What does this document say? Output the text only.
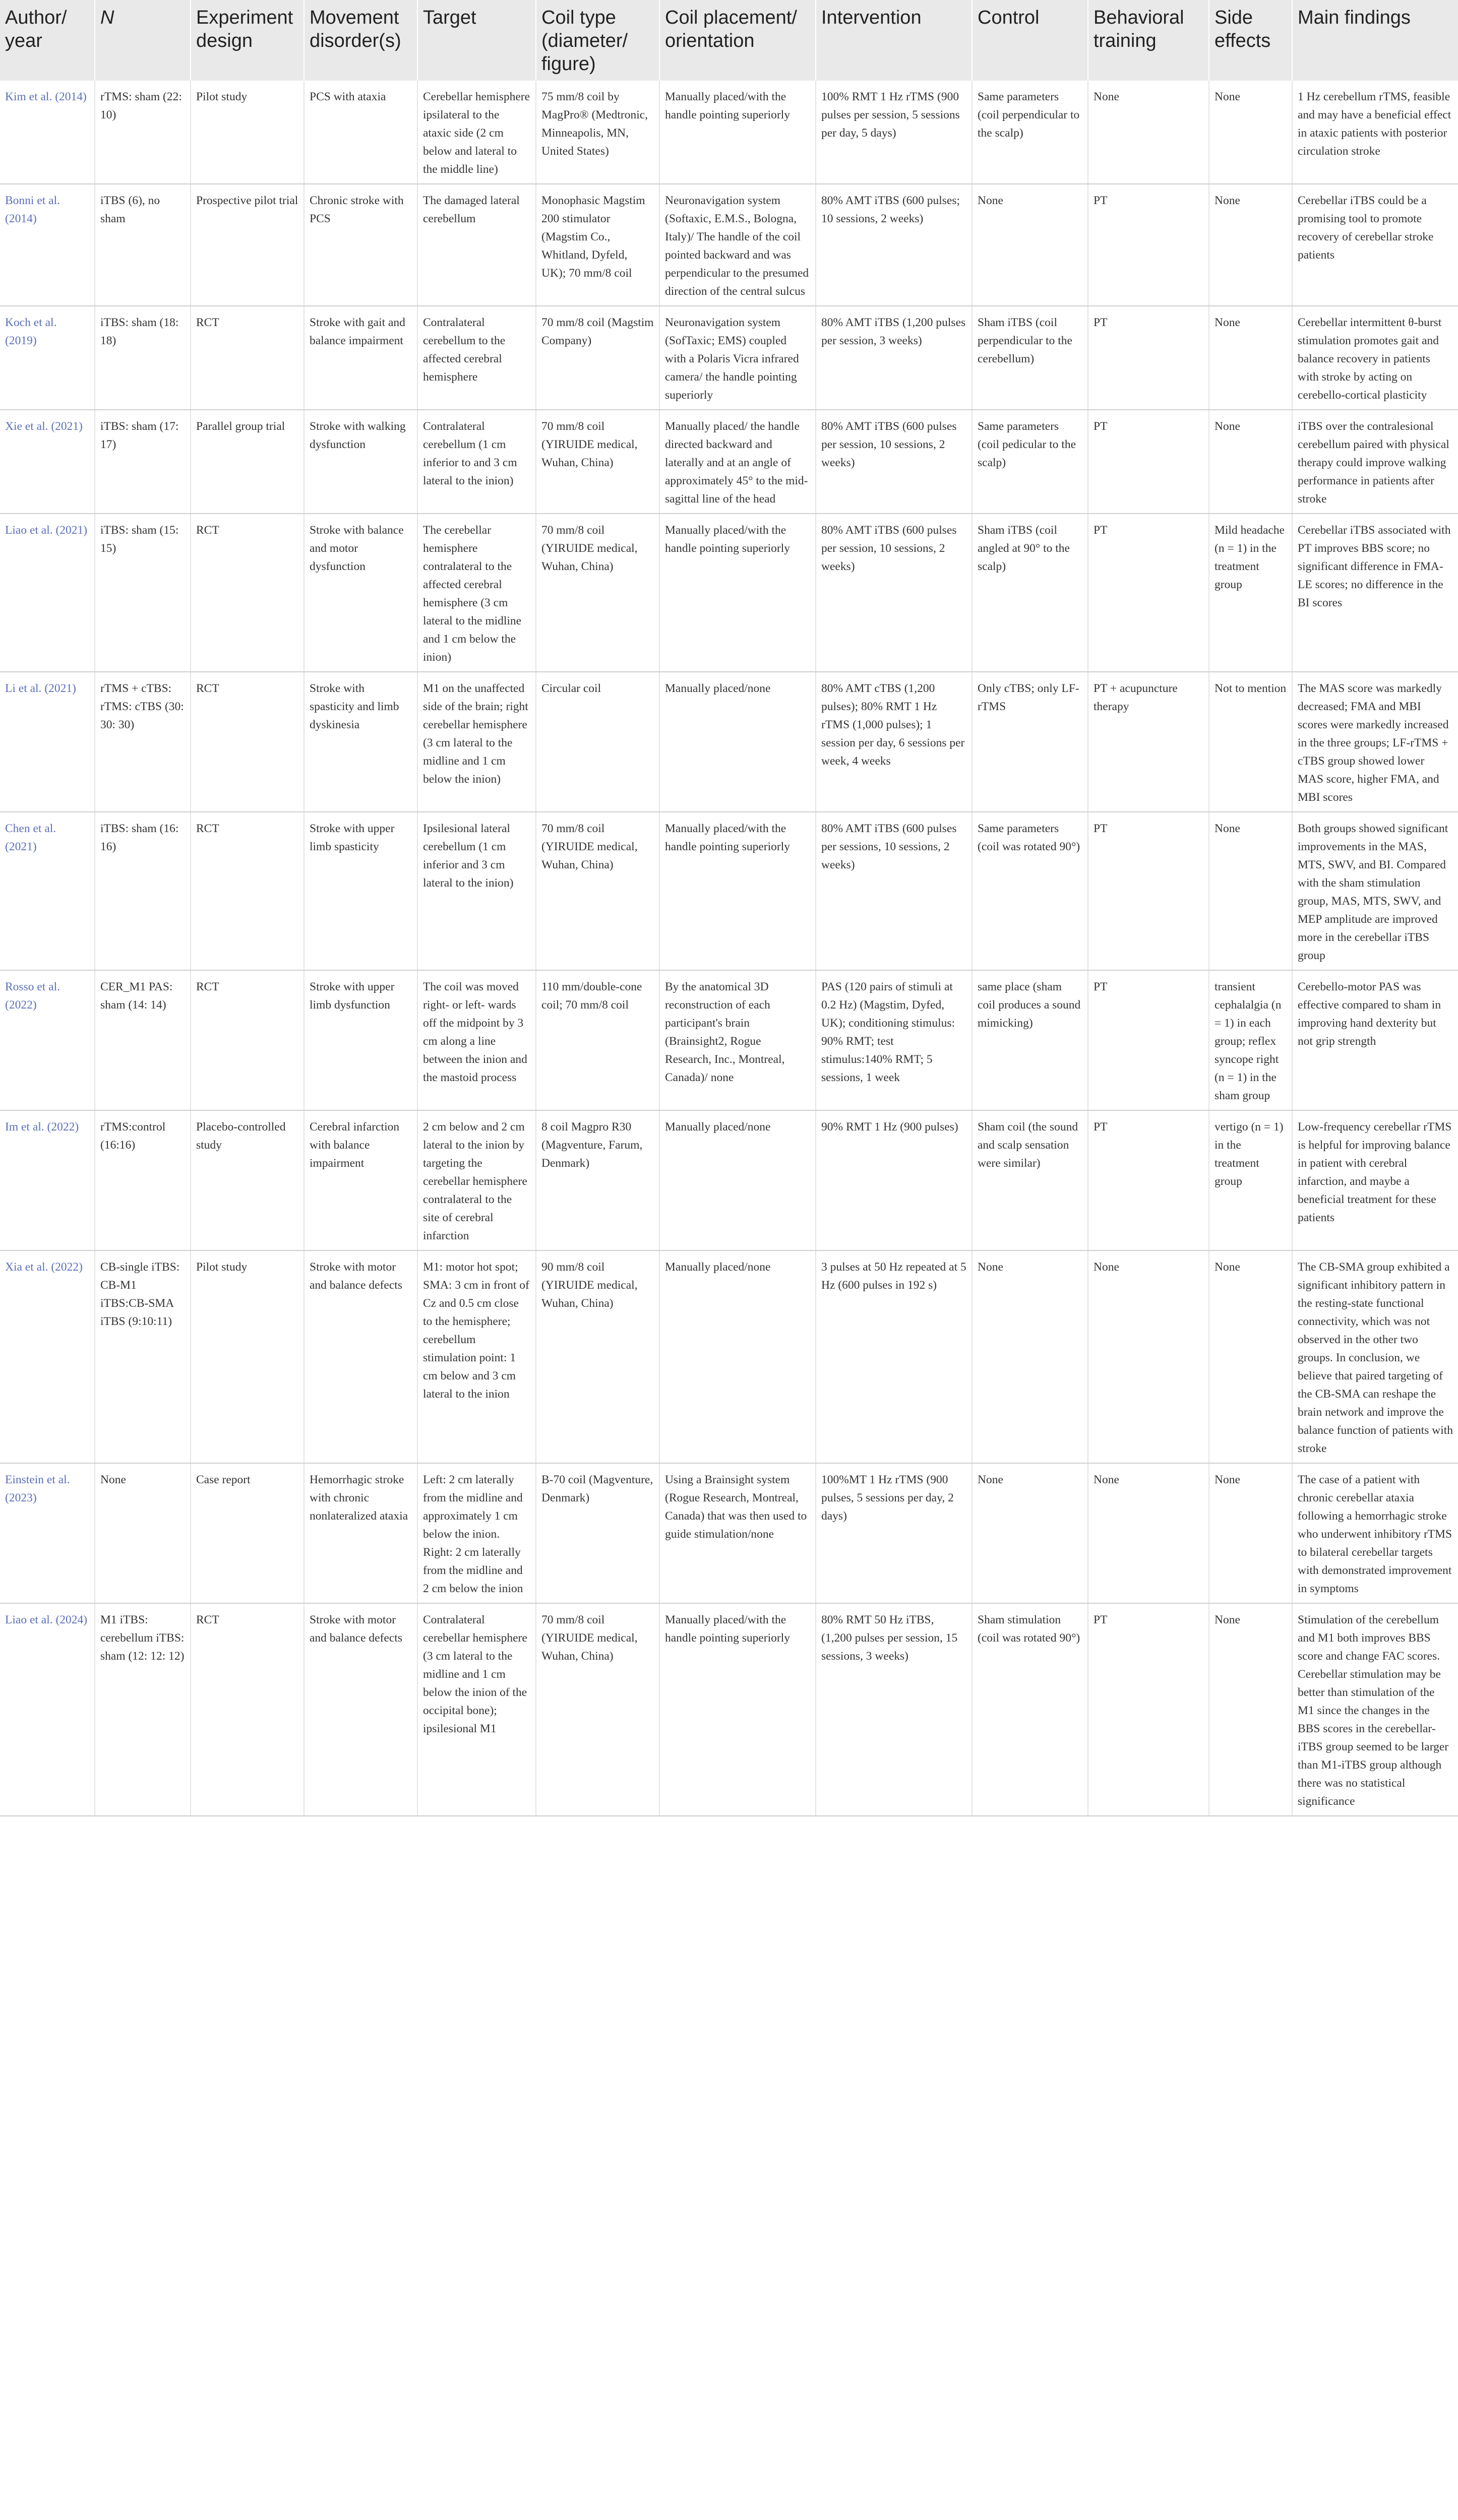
Author/ year	N	Experiment design	Movement disorder(s)	Target	Coil type (diameter/ figure)	Coil placement/ orientation	Intervention	Control	Behavioral training	Side effects	Main findings
Kim et al. (2014)	rTMS: sham (22: 10)	Pilot study	PCS with ataxia	Cerebellar hemisphere ipsilateral to the ataxic side (2 cm below and lateral to the middle line)	75 mm/8 coil by MagPro® (Medtronic, Minneapolis, MN, United States)	Manually placed/with the handle pointing superiorly	100% RMT 1 Hz rTMS (900 pulses per session, 5 sessions per day, 5 days)	Same parameters (coil perpendicular to the scalp)	None	None	1 Hz cerebellum rTMS, feasible and may have a beneficial effect in ataxic patients with posterior circulation stroke
Bonni et al. (2014)	iTBS (6), no sham	Prospective pilot trial	Chronic stroke with PCS	The damaged lateral cerebellum	Monophasic Magstim 200 stimulator (Magstim Co., Whitland, Dyfeld, UK); 70 mm/8 coil	Neuronavigation system (Softaxic, E.M.S., Bologna, Italy)/ The handle of the coil pointed backward and was perpendicular to the presumed direction of the central sulcus	80% AMT iTBS (600 pulses; 10 sessions, 2 weeks)	None	PT	None	Cerebellar iTBS could be a promising tool to promote recovery of cerebellar stroke patients
Koch et al. (2019)	iTBS: sham (18: 18)	RCT	Stroke with gait and balance impairment	Contralateral cerebellum to the affected cerebral hemisphere	70 mm/8 coil (Magstim Company)	Neuronavigation system (SofTaxic; EMS) coupled with a Polaris Vicra infrared camera/ the handle pointing superiorly	80% AMT iTBS (1,200 pulses per session, 3 weeks)	Sham iTBS (coil perpendicular to the cerebellum)	PT	None	Cerebellar intermittent θ-burst stimulation promotes gait and balance recovery in patients with stroke by acting on cerebello-cortical plasticity
Xie et al. (2021)	iTBS: sham (17: 17)	Parallel group trial	Stroke with walking dysfunction	Contralateral cerebellum (1 cm inferior to and 3 cm lateral to the inion)	70 mm/8 coil (YIRUIDE medical, Wuhan, China)	Manually placed/ the handle directed backward and laterally and at an angle of approximately 45° to the mid-sagittal line of the head	80% AMT iTBS (600 pulses per session, 10 sessions, 2 weeks)	Same parameters (coil pedicular to the scalp)	PT	None	iTBS over the contralesional cerebellum paired with physical therapy could improve walking performance in patients after stroke
Liao et al. (2021)	iTBS: sham (15: 15)	RCT	Stroke with balance and motor dysfunction	The cerebellar hemisphere contralateral to the affected cerebral hemisphere (3 cm lateral to the midline and 1 cm below the inion)	70 mm/8 coil (YIRUIDE medical, Wuhan, China)	Manually placed/with the handle pointing superiorly	80% AMT iTBS (600 pulses per session, 10 sessions, 2 weeks)	Sham iTBS (coil angled at 90° to the scalp)	PT	Mild headache (n = 1) in the treatment group	Cerebellar iTBS associated with PT improves BBS score; no significant difference in FMA-LE scores; no difference in the BI scores
Li et al. (2021)	rTMS + cTBS: rTMS: cTBS (30: 30: 30)	RCT	Stroke with spasticity and limb dyskinesia	M1 on the unaffected side of the brain; right cerebellar hemisphere (3 cm lateral to the midline and 1 cm below the inion)	Circular coil	Manually placed/none	80% AMT cTBS (1,200 pulses); 80% RMT 1 Hz rTMS (1,000 pulses); 1 session per day, 6 sessions per week, 4 weeks	Only cTBS; only LF-rTMS	PT + acupuncture therapy	Not to mention	The MAS score was markedly decreased; FMA and MBI scores were markedly increased in the three groups; LF-rTMS + cTBS group showed lower MAS score, higher FMA, and MBI scores
Chen et al. (2021)	iTBS: sham (16: 16)	RCT	Stroke with upper limb spasticity	Ipsilesional lateral cerebellum (1 cm inferior and 3 cm lateral to the inion)	70 mm/8 coil (YIRUIDE medical, Wuhan, China)	Manually placed/with the handle pointing superiorly	80% AMT iTBS (600 pulses per sessions, 10 sessions, 2 weeks)	Same parameters (coil was rotated 90°)	PT	None	Both groups showed significant improvements in the MAS, MTS, SWV, and BI. Compared with the sham stimulation group, MAS, MTS, SWV, and MEP amplitude are improved more in the cerebellar iTBS group
Rosso et al. (2022)	CER_M1 PAS: sham (14: 14)	RCT	Stroke with upper limb dysfunction	The coil was moved right- or left- wards off the midpoint by 3 cm along a line between the inion and the mastoid process	110 mm/double-cone coil; 70 mm/8 coil	By the anatomical 3D reconstruction of each participant's brain (Brainsight2, Rogue Research, Inc., Montreal, Canada)/ none	PAS (120 pairs of stimuli at 0.2 Hz) (Magstim, Dyfed, UK); conditioning stimulus: 90% RMT; test stimulus:140% RMT; 5 sessions, 1 week	same place (sham coil produces a sound mimicking)	PT	transient cephalalgia (n = 1) in each group; reflex syncope right (n = 1) in the sham group	Cerebello-motor PAS was effective compared to sham in improving hand dexterity but not grip strength
Im et al. (2022)	rTMS:control (16:16)	Placebo-controlled study	Cerebral infarction with balance impairment	2 cm below and 2 cm lateral to the inion by targeting the cerebellar hemisphere contralateral to the site of cerebral infarction	8 coil Magpro R30 (Magventure, Farum, Denmark)	Manually placed/none	90% RMT 1 Hz (900 pulses)	Sham coil (the sound and scalp sensation were similar)	PT	vertigo (n = 1) in the treatment group	Low-frequency cerebellar rTMS is helpful for improving balance in patient with cerebral infarction, and maybe a beneficial treatment for these patients
Xia et al. (2022)	CB-single iTBS: CB-M1 iTBS:CB-SMA iTBS (9:10:11)	Pilot study	Stroke with motor and balance defects	M1: motor hot spot; SMA: 3 cm in front of Cz and 0.5 cm close to the hemisphere; cerebellum stimulation point: 1 cm below and 3 cm lateral to the inion	90 mm/8 coil (YIRUIDE medical, Wuhan, China)	Manually placed/none	3 pulses at 50 Hz repeated at 5 Hz (600 pulses in 192 s)	None	None	None	The CB-SMA group exhibited a significant inhibitory pattern in the resting-state functional connectivity, which was not observed in the other two groups. In conclusion, we believe that paired targeting of the CB-SMA can reshape the brain network and improve the balance function of patients with stroke
Einstein et al. (2023)	None	Case report	Hemorrhagic stroke with chronic nonlateralized ataxia	Left: 2 cm laterally from the midline and approximately 1 cm below the inion. Right: 2 cm laterally from the midline and 2 cm below the inion	B-70 coil (Magventure, Denmark)	Using a Brainsight system (Rogue Research, Montreal, Canada) that was then used to guide stimulation/none	100%MT 1 Hz rTMS (900 pulses, 5 sessions per day, 2 days)	None	None	None	The case of a patient with chronic cerebellar ataxia following a hemorrhagic stroke who underwent inhibitory rTMS to bilateral cerebellar targets with demonstrated improvement in symptoms
Liao et al. (2024)	M1 iTBS: cerebellum iTBS: sham (12: 12: 12)	RCT	Stroke with motor and balance defects	Contralateral cerebellar hemisphere (3 cm lateral to the midline and 1 cm below the inion of the occipital bone); ipsilesional M1	70 mm/8 coil (YIRUIDE medical, Wuhan, China)	Manually placed/with the handle pointing superiorly	80% RMT 50 Hz iTBS, (1,200 pulses per session, 15 sessions, 3 weeks)	Sham stimulation (coil was rotated 90°)	PT	None	Stimulation of the cerebellum and M1 both improves BBS score and change FAC scores. Cerebellar stimulation may be better than stimulation of the M1 since the changes in the BBS scores in the cerebellar-iTBS group seemed to be larger than M1-iTBS group although there was no statistical significance
